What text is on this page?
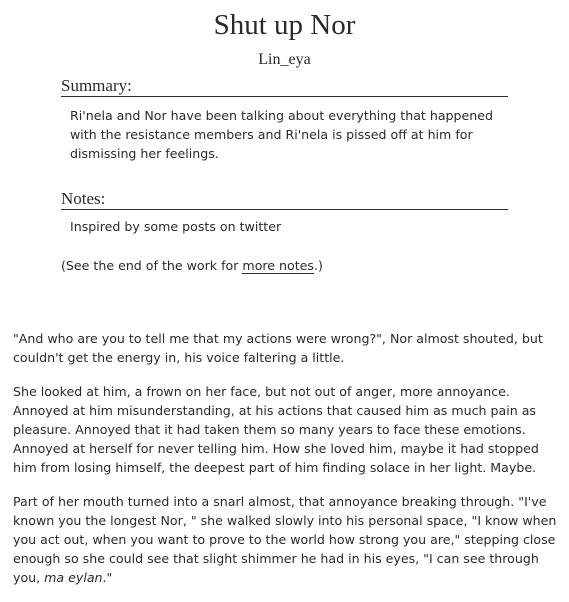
Shut up Nor
Lin_eya
Summary:
Ri'nela and Nor have been talking about everything that happened with the resistance members and Ri'nela is pissed off at him for dismissing her feelings.
Notes:
Inspired by some posts on twitter
(See the end of the work for more notes.)

"And who are you to tell me that my actions were wrong?", Nor almost shouted, but couldn't get the energy in, his voice faltering a little.

She looked at him, a frown on her face, but not out of anger, more annoyance. Annoyed at him misunderstanding, at his actions that caused him as much pain as pleasure. Annoyed that it had taken them so many years to face these emotions. Annoyed at herself for never telling him. How she loved him, maybe it had stopped him from losing himself, the deepest part of him finding solace in her light. Maybe.

Part of her mouth turned into a snarl almost, that annoyance breaking through. "I've known you the longest Nor, " she walked slowly into his personal space, "I know when you act out, when you want to prove to the world how strong you are," stepping close enough so she could see that slight shimmer he had in his eyes, "I can see through you, ma eylan."
